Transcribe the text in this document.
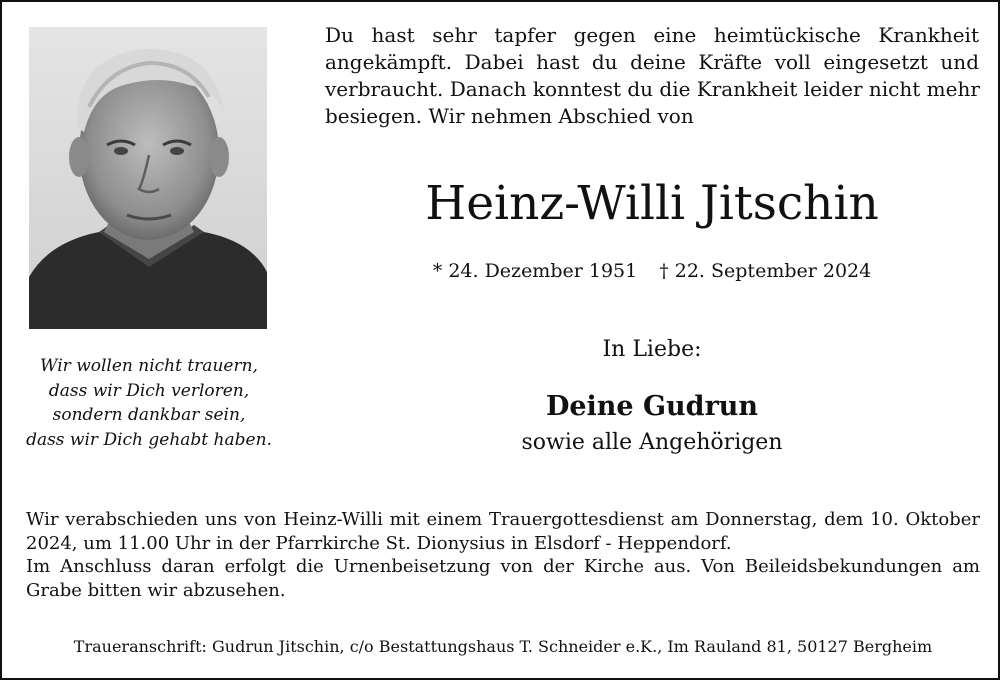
Wir wollen nicht trauern,
dass wir Dich verloren,
sondern dankbar sein,
dass wir Dich gehabt haben.
Du hast sehr tapfer gegen eine heimtückische Krankheit
angekämpft. Dabei hast du deine Kräfte voll eingesetzt und
verbraucht. Danach konntest du die Krankheit leider nicht mehr
besiegen. Wir nehmen Abschied von
Heinz-Willi Jitschin
* 24. Dezember 1951 † 22. September 2024
In Liebe:
Deine Gudrun
sowie alle Angehörigen
Wir verabschieden uns von Heinz-Willi mit einem Trauergottesdienst am Donnerstag, dem 10. Oktober
2024, um 11.00 Uhr in der Pfarrkirche St. Dionysius in Elsdorf - Heppendorf.
Im Anschluss daran erfolgt die Urnenbeisetzung von der Kirche aus. Von Beileidsbekundungen am
Grabe bitten wir abzusehen.
Traueranschrift: Gudrun Jitschin, c/o Bestattungshaus T. Schneider e.K., Im Rauland 81, 50127 Bergheim
